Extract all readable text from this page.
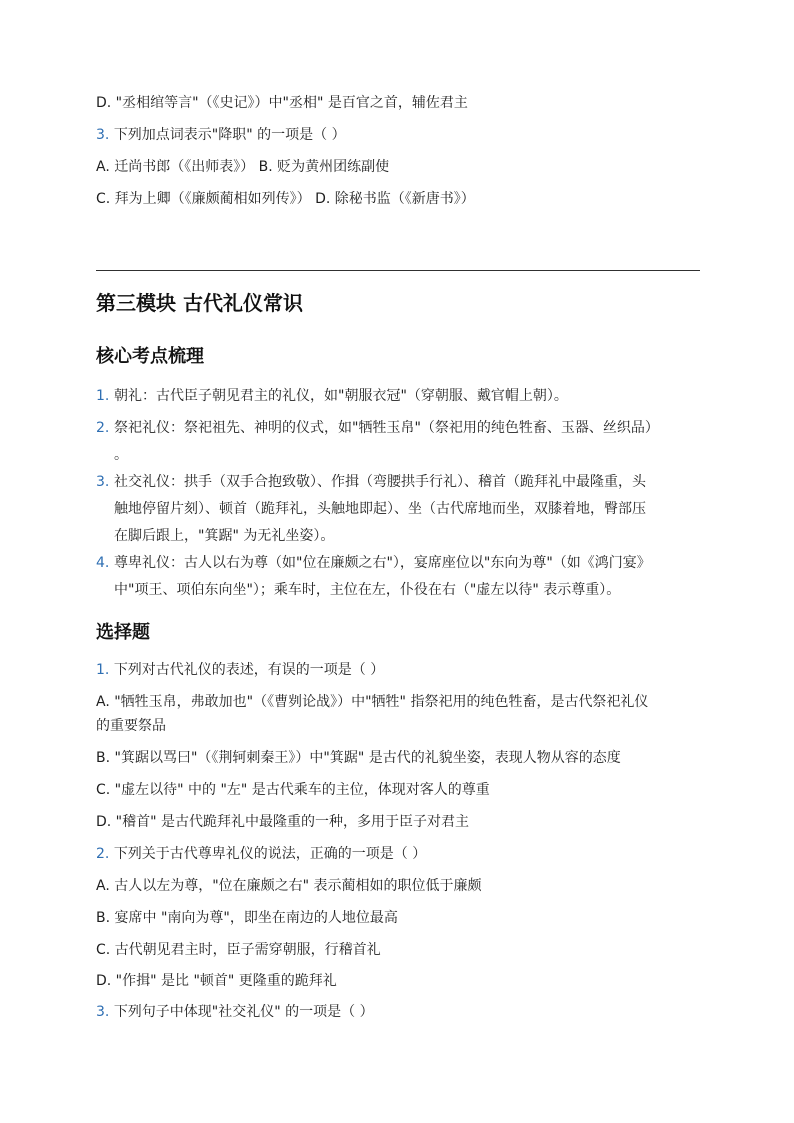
D. "丞相绾等言"（《史记》）中"丞相" 是百官之首，辅佐君主
3. 下列加点词表示"降职" 的一项是（ ）
A. 迁尚书郎（《出师表》） B. 贬为黄州团练副使
C. 拜为上卿（《廉颇蔺相如列传》） D. 除秘书监（《新唐书》）
第三模块 古代礼仪常识
核心考点梳理
1. 朝礼：古代臣子朝见君主的礼仪，如"朝服衣冠"（穿朝服、戴官帽上朝）。
2. 祭祀礼仪：祭祀祖先、神明的仪式，如"牺牲玉帛"（祭祀用的纯色牲畜、玉器、丝织品）
。
3. 社交礼仪：拱手（双手合抱致敬）、作揖（弯腰拱手行礼）、稽首（跪拜礼中最隆重，头
触地停留片刻）、顿首（跪拜礼，头触地即起）、坐（古代席地而坐，双膝着地，臀部压
在脚后跟上，"箕踞" 为无礼坐姿）。
4. 尊卑礼仪：古人以右为尊（如"位在廉颇之右"），宴席座位以"东向为尊"（如《鸿门宴》
中"项王、项伯东向坐"）；乘车时，主位在左，仆役在右（"虚左以待" 表示尊重）。
选择题
1. 下列对古代礼仪的表述，有误的一项是（ ）
A. "牺牲玉帛，弗敢加也"（《曹刿论战》）中"牺牲" 指祭祀用的纯色牲畜，是古代祭祀礼仪
的重要祭品
B. "箕踞以骂曰"（《荆轲刺秦王》）中"箕踞" 是古代的礼貌坐姿，表现人物从容的态度
C. "虚左以待" 中的 "左" 是古代乘车的主位，体现对客人的尊重
D. "稽首" 是古代跪拜礼中最隆重的一种，多用于臣子对君主
2. 下列关于古代尊卑礼仪的说法，正确的一项是（ ）
A. 古人以左为尊，"位在廉颇之右" 表示蔺相如的职位低于廉颇
B. 宴席中 "南向为尊"，即坐在南边的人地位最高
C. 古代朝见君主时，臣子需穿朝服，行稽首礼
D. "作揖" 是比 "顿首" 更隆重的跪拜礼
3. 下列句子中体现"社交礼仪" 的一项是（ ）
